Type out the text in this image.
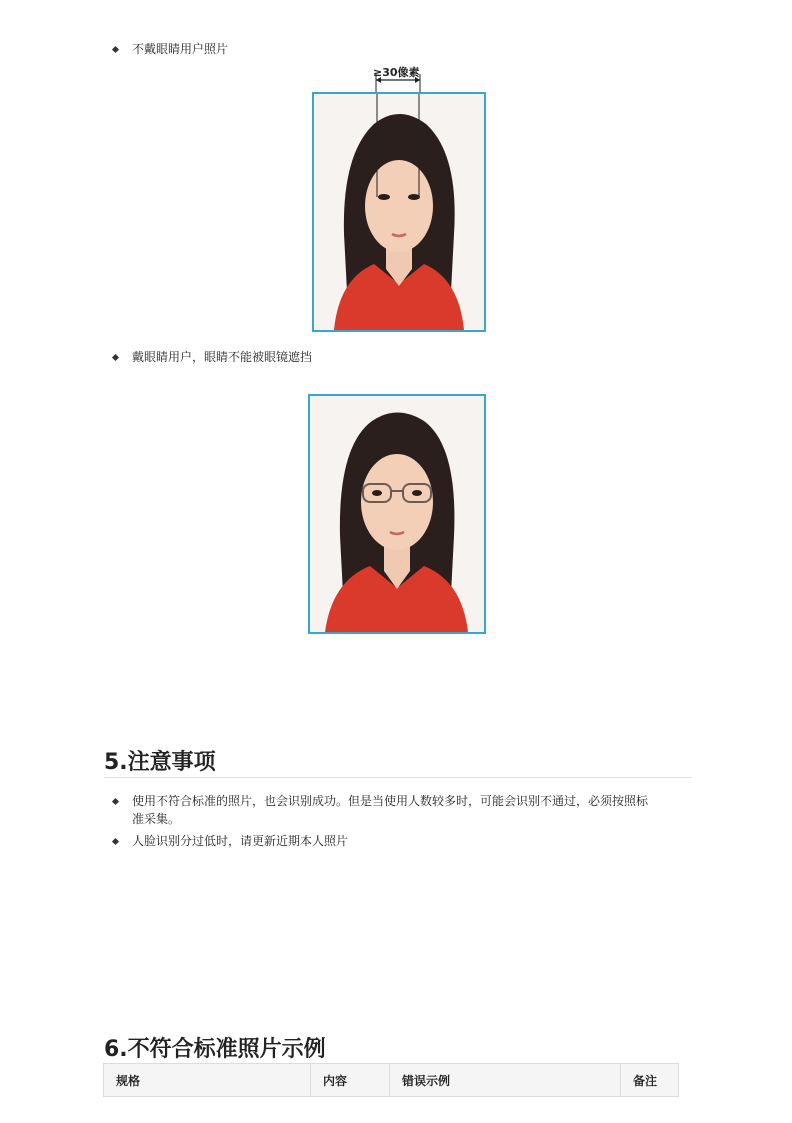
不戴眼睛用户照片
≥30像素
戴眼睛用户，眼睛不能被眼镜遮挡
5.注意事项
使用不符合标准的照片，也会识别成功。但是当使用人数较多时，可能会识别不通过，必须按照标
准采集。
人脸识别分过低时，请更新近期本人照片
6.不符合标准照片示例
规格	内容	错误示例	备注
